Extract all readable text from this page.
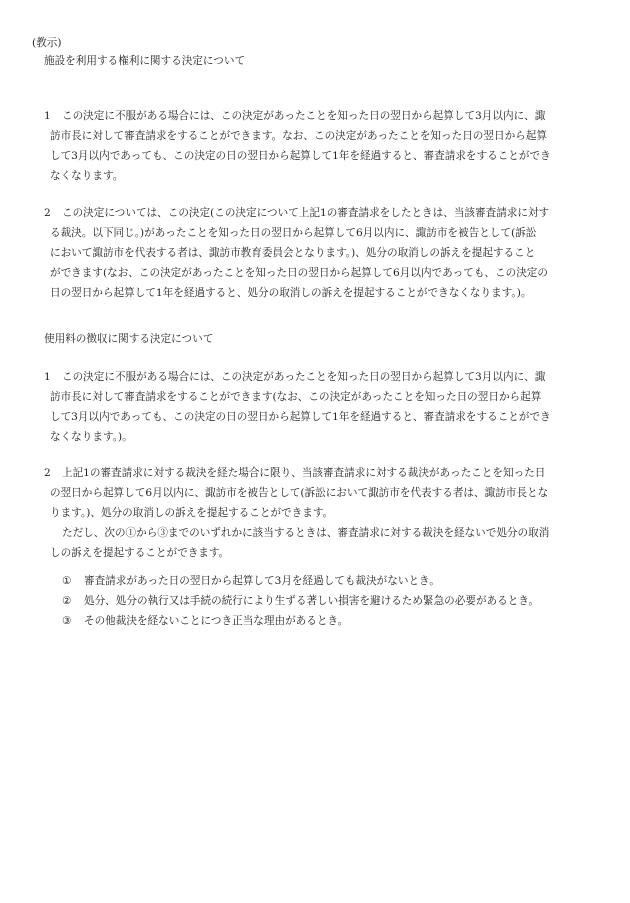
(教示)
施設を利用する権利に関する決定について
1	この決定に不服がある場合には、この決定があったことを知った日の翌日から起算して3月以内に、諏
訪市長に対して審査請求をすることができます。なお、この決定があったことを知った日の翌日から起算
して3月以内であっても、この決定の日の翌日から起算して1年を経過すると、審査請求をすることができ
なくなります。
2	この決定については、この決定(この決定について上記1の審査請求をしたときは、当該審査請求に対す
る裁決。以下同じ。)があったことを知った日の翌日から起算して6月以内に、諏訪市を被告として(訴訟
において諏訪市を代表する者は、諏訪市教育委員会となります。)、処分の取消しの訴えを提起すること
ができます(なお、この決定があったことを知った日の翌日から起算して6月以内であっても、この決定の
日の翌日から起算して1年を経過すると、処分の取消しの訴えを提起することができなくなります。)。
使用料の徴収に関する決定について
1	この決定に不服がある場合には、この決定があったことを知った日の翌日から起算して3月以内に、諏
訪市長に対して審査請求をすることができます(なお、この決定があったことを知った日の翌日から起算
して3月以内であっても、この決定の日の翌日から起算して1年を経過すると、審査請求をすることができ
なくなります。)。
2	上記1の審査請求に対する裁決を経た場合に限り、当該審査請求に対する裁決があったことを知った日
の翌日から起算して6月以内に、諏訪市を被告として(訴訟において諏訪市を代表する者は、諏訪市長とな
ります。)、処分の取消しの訴えを提起することができます。
ただし、次の①から③までのいずれかに該当するときは、審査請求に対する裁決を経ないで処分の取消
しの訴えを提起することができます。
① 審査請求があった日の翌日から起算して3月を経過しても裁決がないとき。
② 処分、処分の執行又は手続の続行により生ずる著しい損害を避けるため緊急の必要があるとき。
③ その他裁決を経ないことにつき正当な理由があるとき。
